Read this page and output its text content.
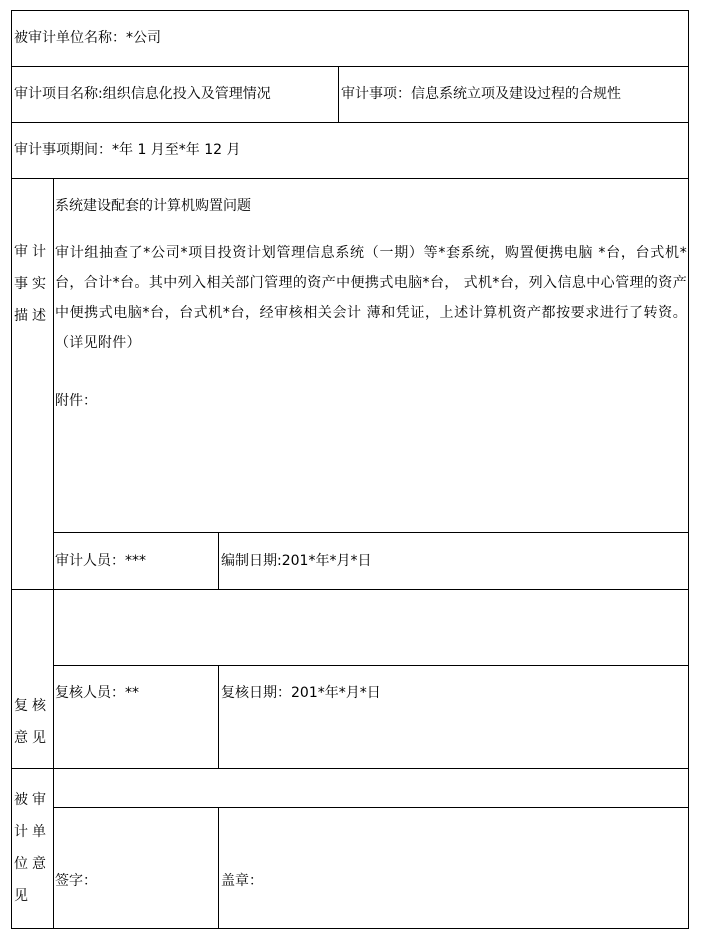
被审计单位名称：*公司
审计项目名称:组织信息化投入及管理情况	审计事项：信息系统立项及建设过程的合规性
审计事项期间：*年 1 月至*年 12 月
审计事实描述
系统建设配套的计算机购置问题
审计组抽查了*公司*项目投资计划管理信息系统（一期）等*套系统，购置便携电脑 *台，台式机*台，合计*台。其中列入相关部门管理的资产中便携式电脑*台， 式机*台，列入信息中心管理的资产中便携式电脑*台，台式机*台，经审核相关会计 薄和凭证，上述计算机资产都按要求进行了转资。（详见附件）
附件：
审计人员：***	编制日期:201*年*月*日
复核意见
复核人员：**	复核日期：201*年*月*日
被审计单位意见
签字：	盖章：
